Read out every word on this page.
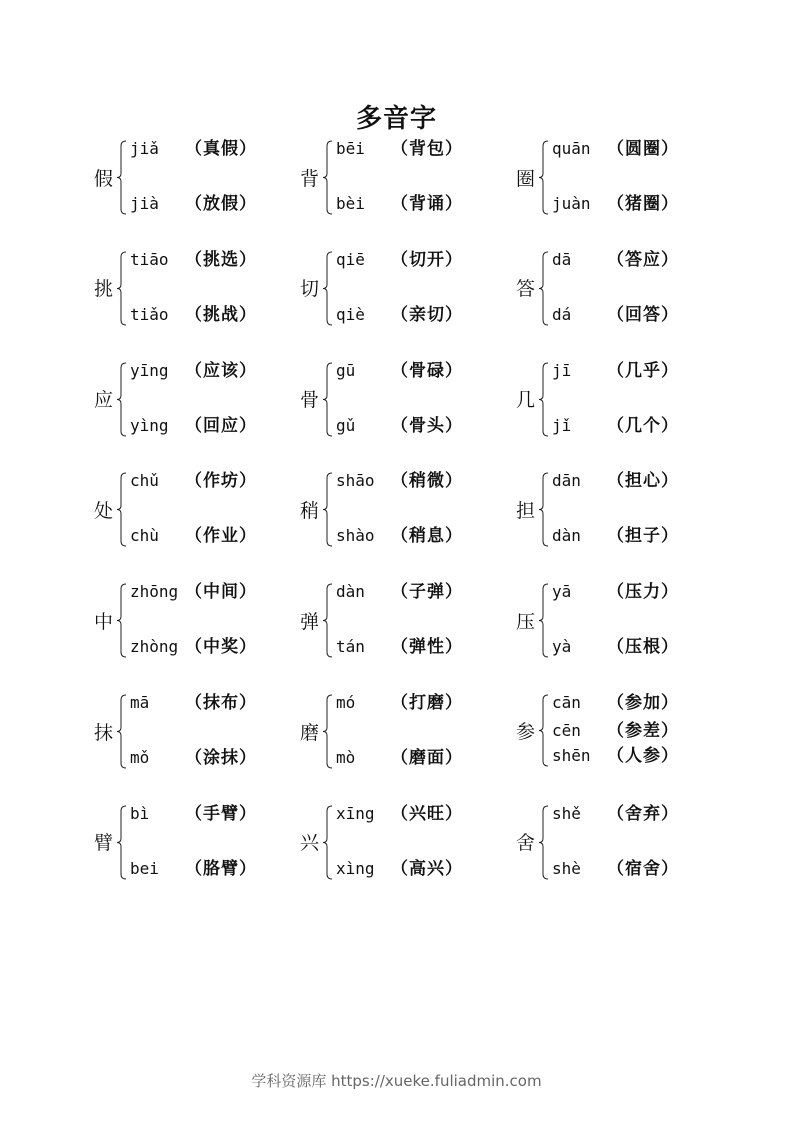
多音字
假
jiǎ （真假）
jià （放假）
背
bēi （背包）
bèi （背诵）
圈
quān （圆圈）
juàn （猪圈）
挑
tiāo （挑选）
tiǎo （挑战）
切
qiē （切开）
qiè （亲切）
答
dā （答应）
dá （回答）
应
yīng （应该）
yìng （回应）
骨
gū （骨碌）
gǔ （骨头）
几
jī （几乎）
jǐ （几个）
处
chǔ （作坊）
chù （作业）
稍
shāo （稍微）
shào （稍息）
担
dān （担心）
dàn （担子）
中
zhōng （中间）
zhòng （中奖）
弹
dàn （子弹）
tán （弹性）
压
yā （压力）
yà （压根）
抹
mā （抹布）
mǒ （涂抹）
磨
mó （打磨）
mò （磨面）
参
cān （参加）
cēn （参差）
shēn （人参）
臂
bì （手臂）
bei （胳臂）
兴
xīng （兴旺）
xìng （高兴）
舍
shě （舍弃）
shè （宿舍）
学科资源库 https://xueke.fuliadmin.com
